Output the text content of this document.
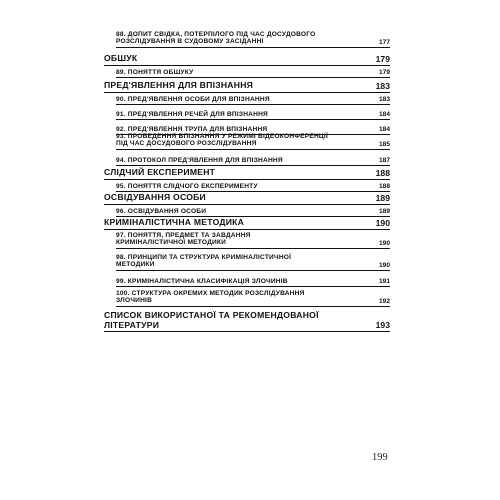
88. ДОПИТ СВІДКА, ПОТЕРПІЛОГО ПІД ЧАС ДОСУДОВОГО
РОЗСЛІДУВАННЯ В СУДОВОМУ ЗАСІДАННІ	177
ОБШУК	179
89. ПОНЯТТЯ ОБШУКУ	179
ПРЕД'ЯВЛЕННЯ ДЛЯ ВПІЗНАННЯ	183
90. ПРЕД'ЯВЛЕННЯ ОСОБИ ДЛЯ ВПІЗНАННЯ	183
91. ПРЕД'ЯВЛЕННЯ РЕЧЕЙ ДЛЯ ВПІЗНАННЯ	184
92. ПРЕД'ЯВЛЕННЯ ТРУПА ДЛЯ ВПІЗНАННЯ	184
93. ПРОВЕДЕННЯ ВПІЗНАННЯ У РЕЖИМІ ВІДЕОКОНФЕРЕНЦІЇ
ПІД ЧАС ДОСУДОВОГО РОЗСЛІДУВАННЯ	185
94. ПРОТОКОЛ ПРЕД'ЯВЛЕННЯ ДЛЯ ВПІЗНАННЯ	187
СЛІДЧИЙ ЕКСПЕРИМЕНТ	188
95. ПОНЯТТЯ СЛІДЧОГО ЕКСПЕРИМЕНТУ	188
ОСВІДУВАННЯ ОСОБИ	189
96. ОСВІДУВАННЯ ОСОБИ	189
КРИМІНАЛІСТИЧНА МЕТОДИКА	190
97. ПОНЯТТЯ, ПРЕДМЕТ ТА ЗАВДАННЯ
КРИМІНАЛІСТИЧНОЇ МЕТОДИКИ	190
98. ПРИНЦИПИ ТА СТРУКТУРА КРИМІНАЛІСТИЧНОЇ
МЕТОДИКИ	190
99. КРИМІНАЛІСТИЧНА КЛАСИФІКАЦІЯ ЗЛОЧИНІВ	191
100. СТРУКТУРА ОКРЕМИХ МЕТОДИК РОЗСЛІДУВАННЯ
ЗЛОЧИНІВ	192
СПИСОК ВИКОРИСТАНОЇ ТА РЕКОМЕНДОВАНОЇ
ЛІТЕРАТУРИ	193
199
